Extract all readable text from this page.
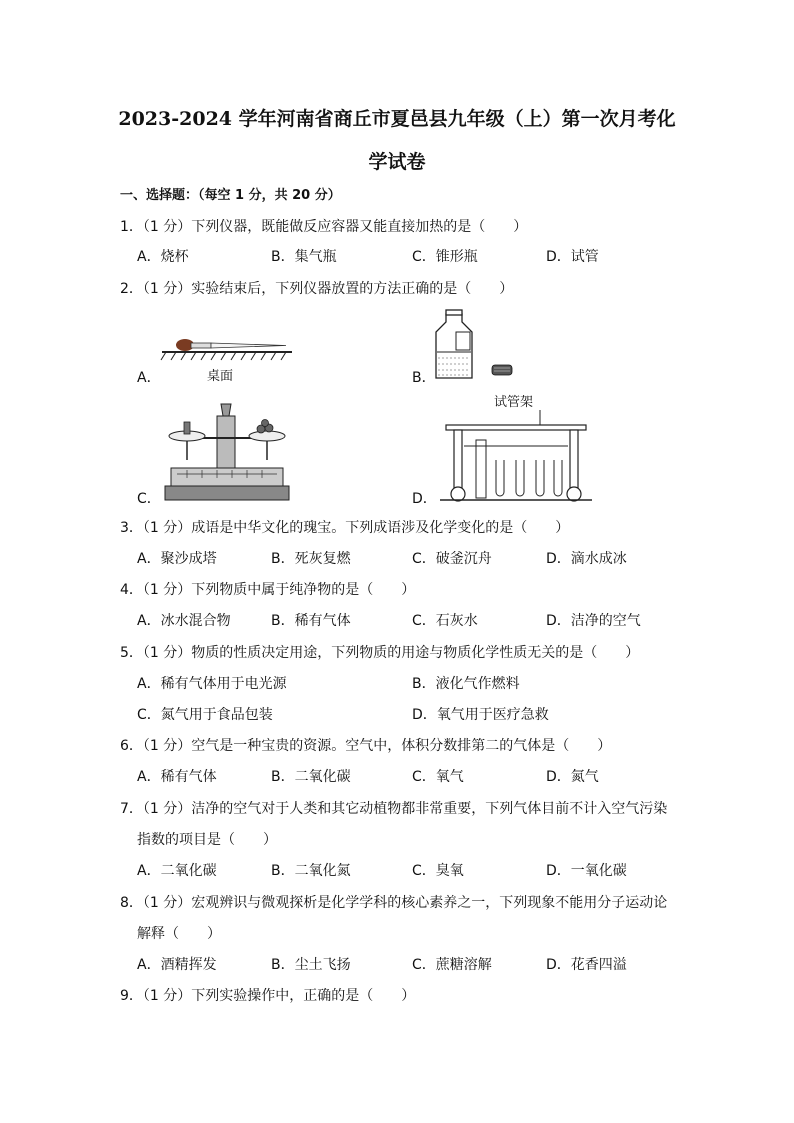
2023-2024 学年河南省商丘市夏邑县九年级（上）第一次月考化
学试卷
一、选择题：（每空 1 分，共 20 分）
1．（1 分）下列仪器，既能做反应容器又能直接加热的是（　　）
A．烧杯	B．集气瓶	C．锥形瓶	D．试管
2．（1 分）实验结束后，下列仪器放置的方法正确的是（　　）
A．	桌面	B．
C．	D．
试管架
3．（1 分）成语是中华文化的瑰宝。下列成语涉及化学变化的是（　　）
A．聚沙成塔	B．死灰复燃	C．破釜沉舟	D．滴水成冰
4．（1 分）下列物质中属于纯净物的是（　　）
A．冰水混合物	B．稀有气体	C．石灰水	D．洁净的空气
5．（1 分）物质的性质决定用途，下列物质的用途与物质化学性质无关的是（　　）
A．稀有气体用于电光源	B．液化气作燃料
C．氮气用于食品包装	D．氧气用于医疗急救
6．（1 分）空气是一种宝贵的资源。空气中，体积分数排第二的气体是（　　）
A．稀有气体	B．二氧化碳	C．氧气	D．氮气
7．（1 分）洁净的空气对于人类和其它动植物都非常重要，下列气体目前不计入空气污染
指数的项目是（　　）
A．二氧化碳	B．二氧化氮	C．臭氧	D．一氧化碳
8．（1 分）宏观辨识与微观探析是化学学科的核心素养之一，下列现象不能用分子运动论
解释（　　）
A．酒精挥发	B．尘土飞扬	C．蔗糖溶解	D．花香四溢
9．（1 分）下列实验操作中，正确的是（　　）
